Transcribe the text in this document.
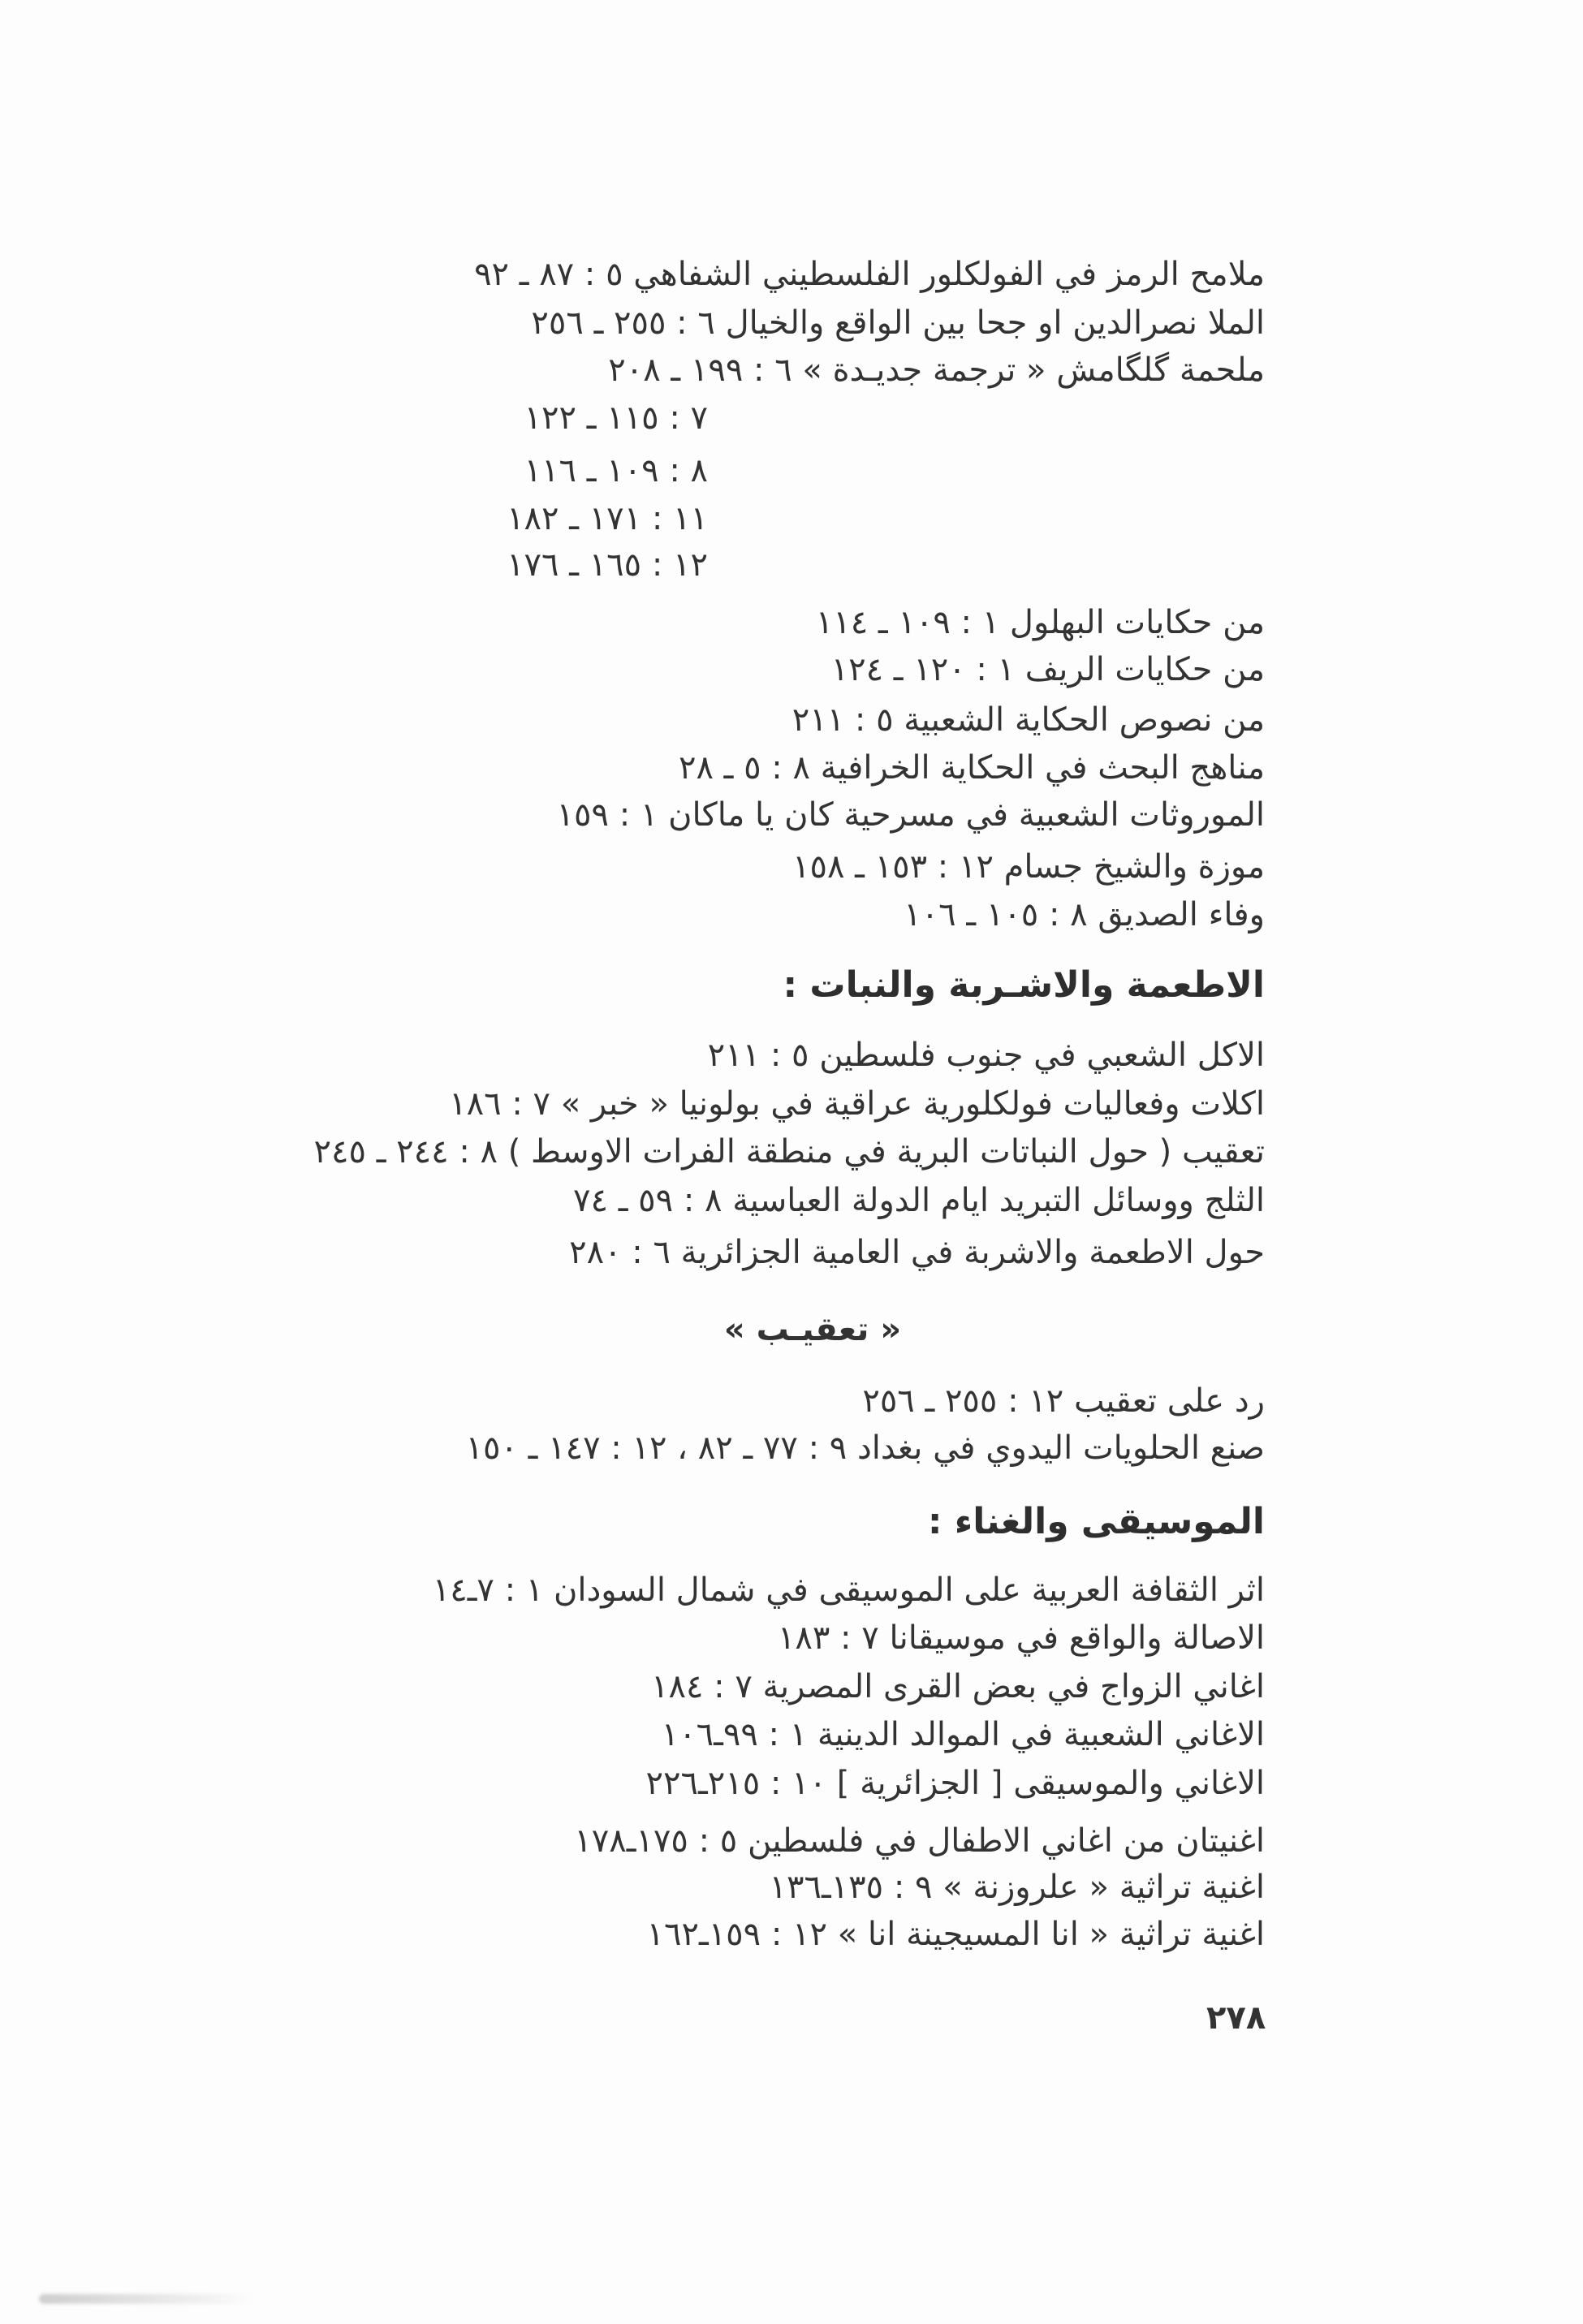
ملامح الرمز في الفولكلور الفلسطيني الشفاهي ٥ : ٨٧ ـ ٩٢
الملا نصرالدين او جحا بين الواقع والخيال ٦ : ٢٥٥ ـ ٢٥٦
ملحمة گلگامش « ترجمة جديـدة » ٦ : ١٩٩ ـ ٢٠٨
٧ : ١١٥ ـ ١٢٢
٨ : ١٠٩ ـ ١١٦
١١ : ١٧١ ـ ١٨٢
١٢ : ١٦٥ ـ ١٧٦
من حكايات البهلول ١ : ١٠٩ ـ ١١٤
من حكايات الريف ١ : ١٢٠ ـ ١٢٤
من نصوص الحكاية الشعبية ٥ : ٢١١
مناهج البحث في الحكاية الخرافية ٨ : ٥ ـ ٢٨
الموروثات الشعبية في مسرحية كان يا ماكان ١ : ١٥٩
موزة والشيخ جسام ١٢ : ١٥٣ ـ ١٥٨
وفاء الصديق ٨ : ١٠٥ ـ ١٠٦
الاطعمة والاشـربة والنبات :
الاكل الشعبي في جنوب فلسطين ٥ : ٢١١
اكلات وفعاليات فولكلورية عراقية في بولونيا « خبر » ٧ : ١٨٦
تعقيب ( حول النباتات البرية في منطقة الفرات الاوسط ) ٨ : ٢٤٤ ـ ٢٤٥
الثلج ووسائل التبريد ايام الدولة العباسية ٨ : ٥٩ ـ ٧٤
حول الاطعمة والاشربة في العامية الجزائرية ٦ : ٢٨٠
« تعقيـب »
رد على تعقيب ١٢ : ٢٥٥ ـ ٢٥٦
صنع الحلويات اليدوي في بغداد ٩ : ٧٧ ـ ٨٢ ، ١٢ : ١٤٧ ـ ١٥٠
الموسيقى والغناء :
اثر الثقافة العربية على الموسيقى في شمال السودان ١ : ٧ـ١٤
الاصالة والواقع في موسيقانا ٧ : ١٨٣
اغاني الزواج في بعض القرى المصرية ٧ : ١٨٤
الاغاني الشعبية في الموالد الدينية ١ : ٩٩ـ١٠٦
الاغاني والموسيقى [ الجزائرية ] ١٠ : ٢١٥ـ٢٢٦
اغنيتان من اغاني الاطفال في فلسطين ٥ : ١٧٥ـ١٧٨
اغنية تراثية « علروزنة » ٩ : ١٣٥ـ١٣٦
اغنية تراثية « انا المسيجينة انا » ١٢ : ١٥٩ـ١٦٢
٢٧٨
